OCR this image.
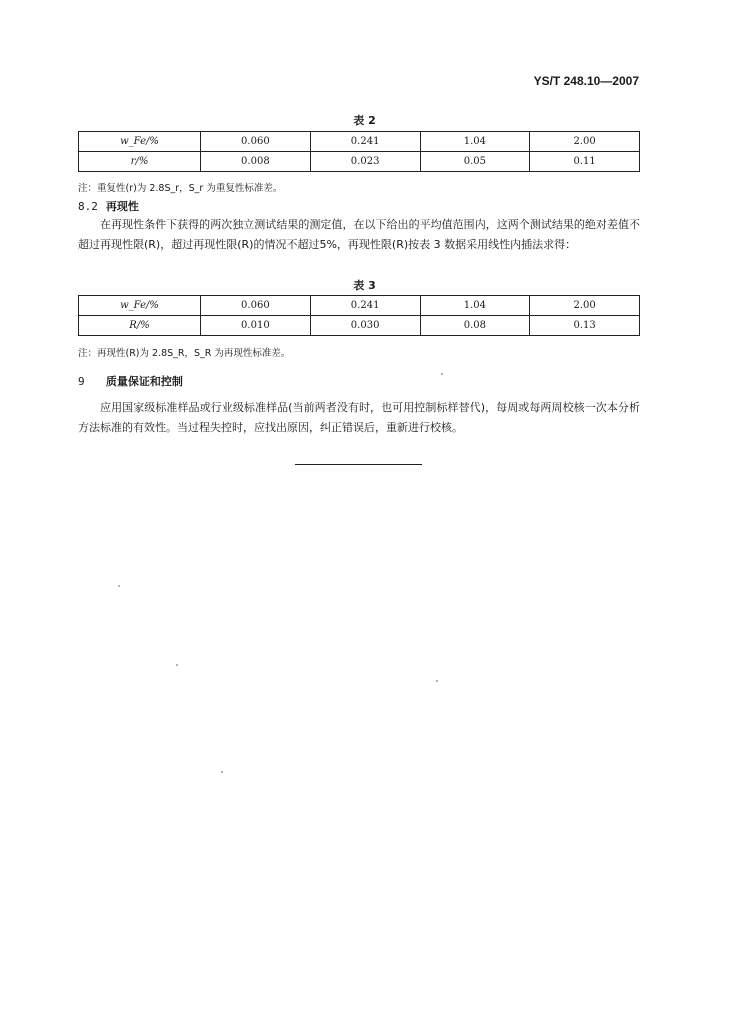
YS/T 248.10—2007
表 2
w_Fe/%	0.060	0.241	1.04	2.00
r/%	0.008	0.023	0.05	0.11
注：重复性(r)为 2.8S_r，S_r 为重复性标准差。
8.2 再现性

在再现性条件下获得的两次独立测试结果的测定值，在以下给出的平均值范围内，这两个测试结果的绝对差值不超过再现性限(R)，超过再现性限(R)的情况不超过5%，再现性限(R)按表 3 数据采用线性内插法求得：

表 3
w_Fe/%	0.060	0.241	1.04	2.00
R/%	0.010	0.030	0.08	0.13
注：再现性(R)为 2.8S_R，S_R 为再现性标准差。
9 质量保证和控制

应用国家级标准样品或行业级标准样品(当前两者没有时，也可用控制标样替代)，每周或每两周校核一次本分析方法标准的有效性。当过程失控时，应找出原因，纠正错误后，重新进行校核。
